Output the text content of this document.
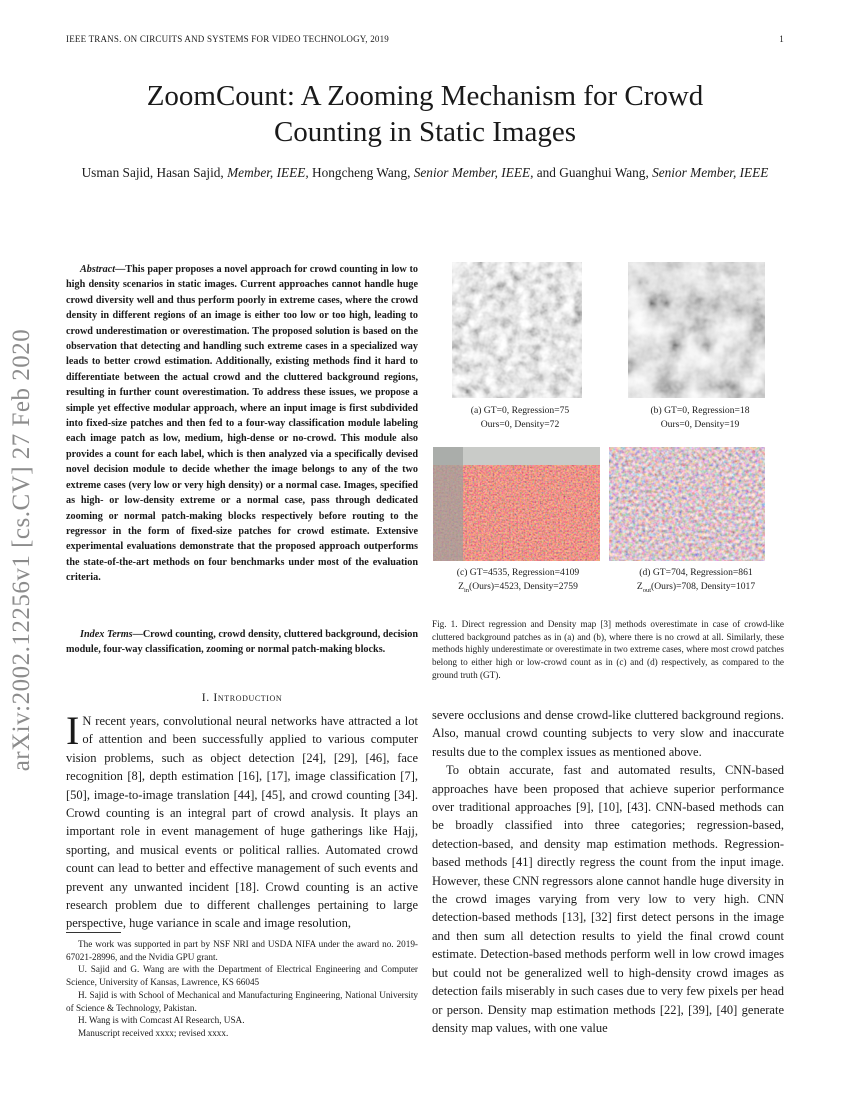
IEEE TRANS. ON CIRCUITS AND SYSTEMS FOR VIDEO TECHNOLOGY, 2019	1
arXiv:2002.12256v1 [cs.CV] 27 Feb 2020
ZoomCount: A Zooming Mechanism for Crowd
Counting in Static Images
Usman Sajid, Hasan Sajid, Member, IEEE, Hongcheng Wang, Senior Member, IEEE, and Guanghui Wang, Senior Member, IEEE
Abstract—This paper proposes a novel approach for crowd counting in low to high density scenarios in static images. Current approaches cannot handle huge crowd diversity well and thus perform poorly in extreme cases, where the crowd density in different regions of an image is either too low or too high, leading to crowd underestimation or overestimation. The proposed solution is based on the observation that detecting and handling such extreme cases in a specialized way leads to better crowd estimation. Additionally, existing methods find it hard to differentiate between the actual crowd and the cluttered background regions, resulting in further count overestimation. To address these issues, we propose a simple yet effective modular approach, where an input image is first subdivided into fixed-size patches and then fed to a four-way classification module labeling each image patch as low, medium, high-dense or no-crowd. This module also provides a count for each label, which is then analyzed via a specifically devised novel decision module to decide whether the image belongs to any of the two extreme cases (very low or very high density) or a normal case. Images, specified as high- or low-density extreme or a normal case, pass through dedicated zooming or normal patch-making blocks respectively before routing to the regressor in the form of fixed-size patches for crowd estimate. Extensive experimental evaluations demonstrate that the proposed approach outperforms the state-of-the-art methods on four benchmarks under most of the evaluation criteria.
Index Terms—Crowd counting, crowd density, cluttered background, decision module, four-way classification, zooming or normal patch-making blocks.
I. Introduction
I N recent years, convolutional neural networks have attracted a lot of attention and been successfully applied to various computer vision problems, such as object detection [24], [29], [46], face recognition [8], depth estimation [16], [17], image classification [7], [50], image-to-image translation [44], [45], and crowd counting [34]. Crowd counting is an integral part of crowd analysis. It plays an important role in event management of huge gatherings like Hajj, sporting, and musical events or political rallies. Automated crowd count can lead to better and effective management of such events and prevent any unwanted incident [18]. Crowd counting is an active research problem due to different challenges pertaining to large perspective, huge variance in scale and image resolution,

The work was supported in part by NSF NRI and USDA NIFA under the award no. 2019-67021-28996, and the Nvidia GPU grant.

U. Sajid and G. Wang are with the Department of Electrical Engineering and Computer Science, University of Kansas, Lawrence, KS 66045

H. Sajid is with School of Mechanical and Manufacturing Engineering, National University of Science & Technology, Pakistan.

H. Wang is with Comcast AI Research, USA.

Manuscript received xxxx; revised xxxx.

(a) GT=0, Regression=75
Ours=0, Density=72
(b) GT=0, Regression=18
Ours=0, Density=19
(c) GT=4535, Regression=4109
$Z_{in}(Ours)=4523$, Density=2759
(d) GT=704, Regression=861
$Z_{out}(Ours)=708$, Density=1017
Fig. 1. Direct regression and Density map [3] methods overestimate in case of crowd-like cluttered background patches as in (a) and (b), where there is no crowd at all. Similarly, these methods highly underestimate or overestimate in two extreme cases, where most crowd patches belong to either high or low-crowd count as in (c) and (d) respectively, as compared to the ground truth (GT).

severe occlusions and dense crowd-like cluttered background regions. Also, manual crowd counting subjects to very slow and inaccurate results due to the complex issues as mentioned above.

To obtain accurate, fast and automated results, CNN-based approaches have been proposed that achieve superior performance over traditional approaches [9], [10], [43]. CNN-based methods can be broadly classified into three categories; regression-based, detection-based, and density map estimation methods. Regression-based methods [41] directly regress the count from the input image. However, these CNN regressors alone cannot handle huge diversity in the crowd images varying from very low to very high. CNN detection-based methods [13], [32] first detect persons in the image and then sum all detection results to yield the final crowd count estimate. Detection-based methods perform well in low crowd images but could not be generalized well to high-density crowd images as detection fails miserably in such cases due to very few pixels per head or person. Density map estimation methods [22], [39], [40] generate density map values, with one value
